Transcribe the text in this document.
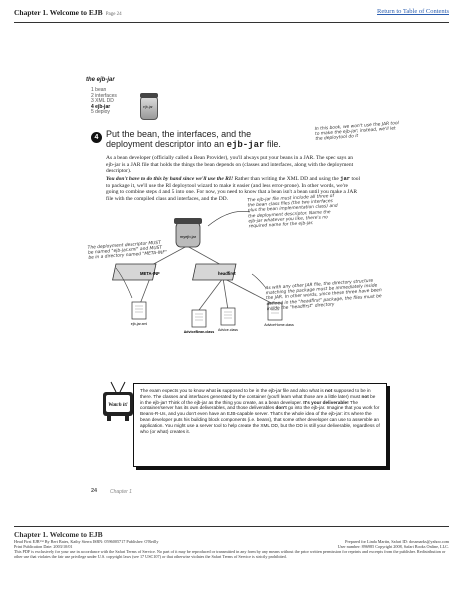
Chapter 1. Welcome to EJB Page 24	Return to Table of Contents
the ejb-jar
1 bean
2 interfaces
3 XML DD
4 ejb-jar
5 deploy
ejb-jar
4 Put the bean, the interfaces, and the deployment descriptor into an ejb-jar file.
In this book, we won't use the JAR tool to make the ejb-jar; instead, we'll let the deploytool do it

As a bean developer (officially called a Bean Provider), you'll always put your beans in a JAR. The spec says an ejb-jar is a JAR file that holds the things the bean depends on (classes and interfaces, along with the deployment descriptor).

You don't have to do this by hand since we'll use the RI! Rather than writing the XML DD and using the jar tool to package it, we'll use the RI deploytool wizard to make it easier (and less error-prone). In other words, we're going to combine steps 4 and 5 into one. For now, you need to know that a bean isn't a bean until you make a JAR file with the compiled class and interfaces, and the DD.

myejb.jar
META-INF	headfirst
ejb-jar.xml
AdviceBean.class Advice.class
AdviceHome.class
The deployment descriptor MUST be named "ejb-jar.xml" and MUST be in a directory named "META-INF"
The ejb-jar file must include all three of the bean class files (the two interfaces plus the bean implementation class) and the deployment descriptor. Name the ejb-jar whatever you like, there's no required name for the ejb-jar.
As with any other JAR file, the directory structure matching the package must be immediately inside the JAR. In other words, since these three have been defined in the "headfirst" package, the files must be inside the "headfirst" directory
Watch it!
The exam expects you to know what is supposed to be in the ejb-jar file and also what is not supposed to be in there. The classes and interfaces generated by the container (you'll learn what those are a little later) must not be in the ejb-jar! Think of the ejb-jar as the thing you create, as a bean developer. It's your deliverable! The container/server has its own deliverables, and those deliverables don't go into the ejb-jar. Imagine that you work for Beans-R-Us, and you don't even have an EJB-capable server. That's the whole idea of the ejb-jar: it's where the bean developer puts his building block components (i.e. beans), that some other developer can use to assemble an application. You might use a server tool to help create the XML DD, but the DD is still your deliverable, regardless of who (or what) creates it.
24	Chapter 1
Chapter 1. Welcome to EJB
Head First EJB™ By Bert Bates, Kathy Sierra ISBN: 0596005717 Publisher: O'Reilly	Prepared for Linda Martin, Safari ID: dossmarks@yahoo.com
Print Publication Date: 2003/10/01	User number: 896985 Copyright 2008, Safari Books Online, LLC.
This PDF is exclusively for your use in accordance with the Safari Terms of Service. No part of it may be reproduced or transmitted in any form by any means without the prior written permission for reprints and excerpts from the publisher. Redistribution or other use that violates the fair use privilege under U.S. copyright laws (see 17 USC107) or that otherwise violates the Safari Terms of Service is strictly prohibited.
